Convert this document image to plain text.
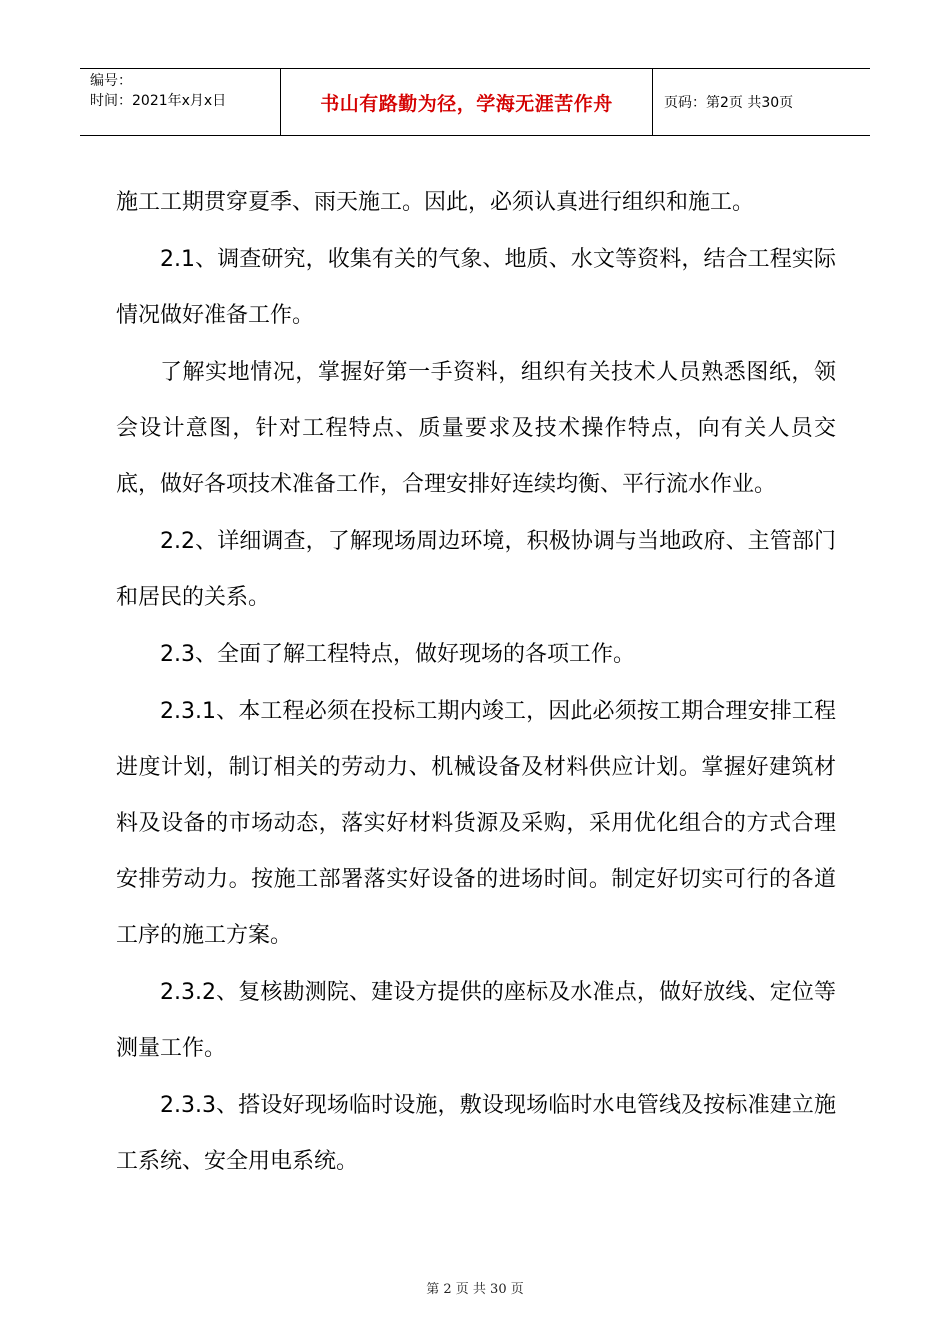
编号：
时间：2021年x月x日	书山有路勤为径，学海无涯苦作舟	页码：第2页 共30页

施工工期贯穿夏季、雨天施工。因此，必须认真进行组织和施工。

2.1、调查研究，收集有关的气象、地质、水文等资料，结合工程实际情况做好准备工作。

了解实地情况，掌握好第一手资料，组织有关技术人员熟悉图纸，领会设计意图，针对工程特点、质量要求及技术操作特点，向有关人员交底，做好各项技术准备工作，合理安排好连续均衡、平行流水作业。

2.2、详细调查，了解现场周边环境，积极协调与当地政府、主管部门和居民的关系。

2.3、全面了解工程特点，做好现场的各项工作。

2.3.1、本工程必须在投标工期内竣工，因此必须按工期合理安排工程进度计划，制订相关的劳动力、机械设备及材料供应计划。掌握好建筑材料及设备的市场动态，落实好材料货源及采购，采用优化组合的方式合理安排劳动力。按施工部署落实好设备的进场时间。制定好切实可行的各道工序的施工方案。

2.3.2、复核勘测院、建设方提供的座标及水准点，做好放线、定位等测量工作。

2.3.3、搭设好现场临时设施，敷设现场临时水电管线及按标准建立施工系统、安全用电系统。

第 2 页 共 30 页
